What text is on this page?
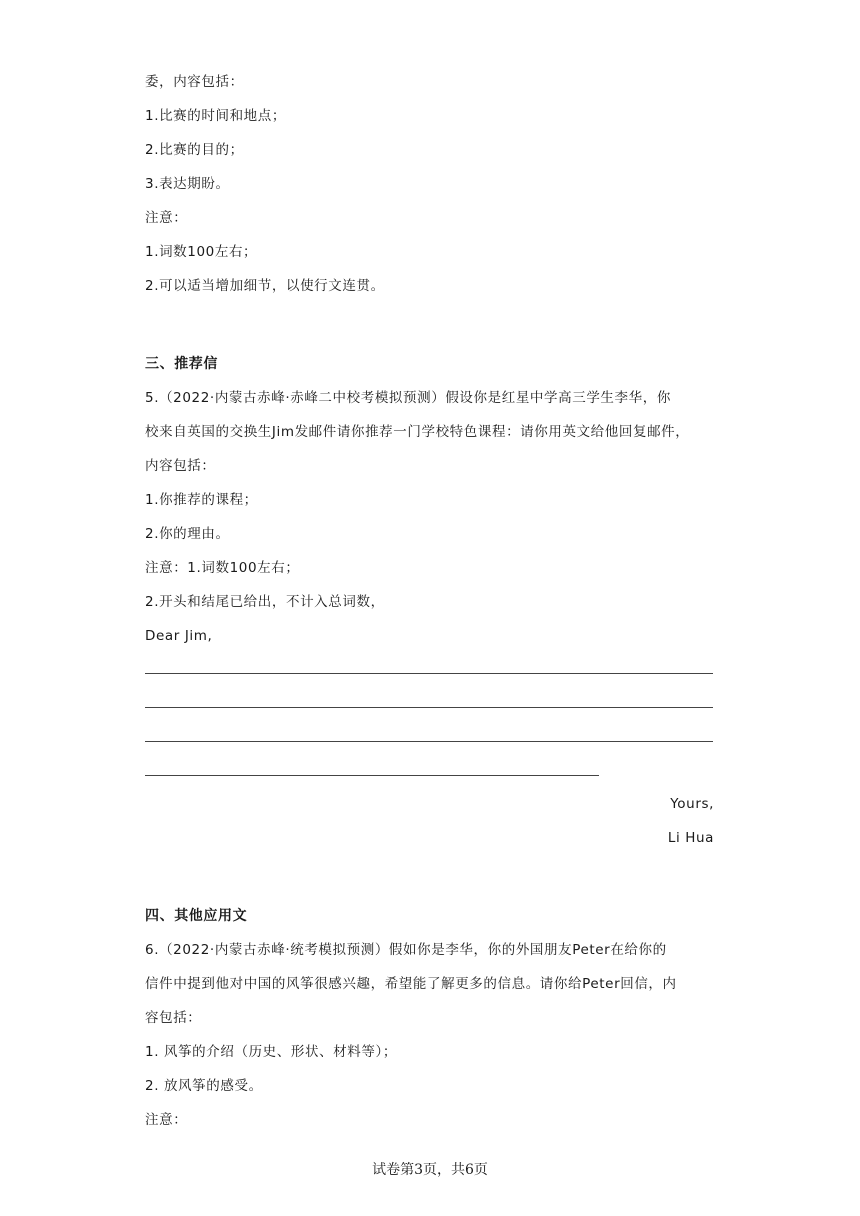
委，内容包括：
1.比赛的时间和地点；
2.比赛的目的；
3.表达期盼。
注意：
1.词数100左右；
2.可以适当增加细节，以使行文连贯。
三、推荐信
5.（2022·内蒙古赤峰·赤峰二中校考模拟预测）假设你是红星中学高三学生李华，你
校来自英国的交换生Jim发邮件请你推荐一门学校特色课程：请你用英文给他回复邮件，
内容包括：
1.你推荐的课程；
2.你的理由。
注意：1.词数100左右；
2.开头和结尾已给出，不计入总词数，
Dear Jim,
Yours,
Li Hua
四、其他应用文
6.（2022·内蒙古赤峰·统考模拟预测）假如你是李华，你的外国朋友Peter在给你的
信件中提到他对中国的风筝很感兴趣，希望能了解更多的信息。请你给Peter回信，内
容包括：
1. 风筝的介绍（历史、形状、材料等）；
2. 放风筝的感受。
注意：
试卷第3页，共6页
